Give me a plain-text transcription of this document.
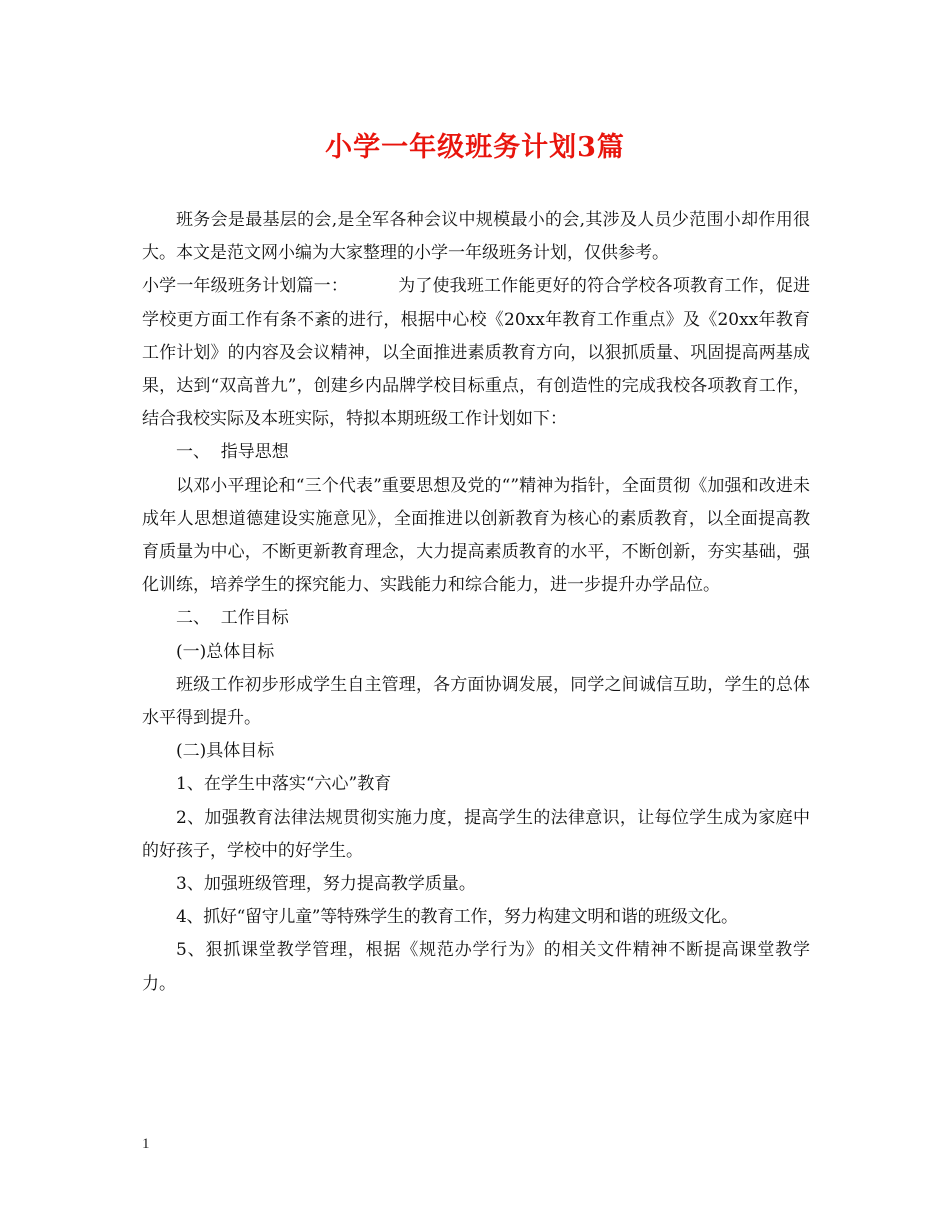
小学一年级班务计划3篇

班务会是最基层的会,是全军各种会议中规模最小的会,其涉及人员少范围小却作用很大。本文是范文网小编为大家整理的小学一年级班务计划，仅供参考。

小学一年级班务计划篇一：	为了使我班工作能更好的符合学校各项教育工作，促进学校更方面工作有条不紊的进行，根据中心校《20xx年教育工作重点》及《20xx年教育工作计划》的内容及会议精神，以全面推进素质教育方向，以狠抓质量、巩固提高两基成果，达到“双高普九”，创建乡内品牌学校目标重点，有创造性的完成我校各项教育工作，结合我校实际及本班实际，特拟本期班级工作计划如下：

一、  指导思想

以邓小平理论和“三个代表”重要思想及党的“”精神为指针，全面贯彻《加强和改进未成年人思想道德建设实施意见》，全面推进以创新教育为核心的素质教育，以全面提高教育质量为中心，不断更新教育理念，大力提高素质教育的水平，不断创新，夯实基础，强化训练，培养学生的探究能力、实践能力和综合能力，进一步提升办学品位。

二、  工作目标

(一)总体目标

班级工作初步形成学生自主管理，各方面协调发展，同学之间诚信互助，学生的总体水平得到提升。

(二)具体目标

1、在学生中落实“六心”教育

2、加强教育法律法规贯彻实施力度，提高学生的法律意识，让每位学生成为家庭中的好孩子，学校中的好学生。

3、加强班级管理，努力提高教学质量。

4、抓好“留守儿童”等特殊学生的教育工作，努力构建文明和谐的班级文化。

5、狠抓课堂教学管理，根据《规范办学行为》的相关文件精神不断提高课堂教学力。

1
